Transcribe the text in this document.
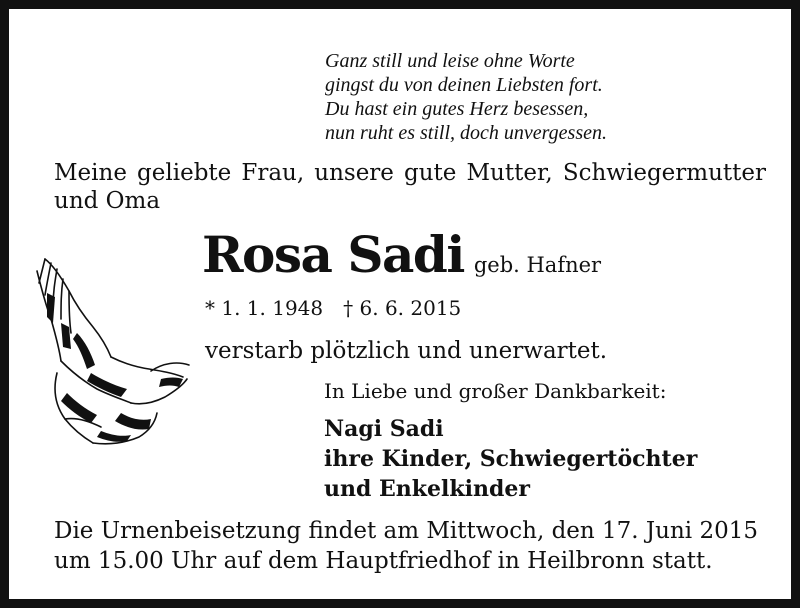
Ganz still und leise ohne Worte
gingst du von deinen Liebsten fort.
Du hast ein gutes Herz besessen,
nun ruht es still, doch unvergessen.
Meine geliebte Frau, unsere gute Mutter, Schwiegermutter und Oma
Rosa Sadi geb. Hafner
* 1. 1. 1948 † 6. 6. 2015
verstarb plötzlich und unerwartet.
In Liebe und großer Dankbarkeit:
Nagi Sadi
ihre Kinder, Schwiegertöchter
und Enkelkinder
Die Urnenbeisetzung findet am Mittwoch, den 17. Juni 2015
um 15.00 Uhr auf dem Hauptfriedhof in Heilbronn statt.
